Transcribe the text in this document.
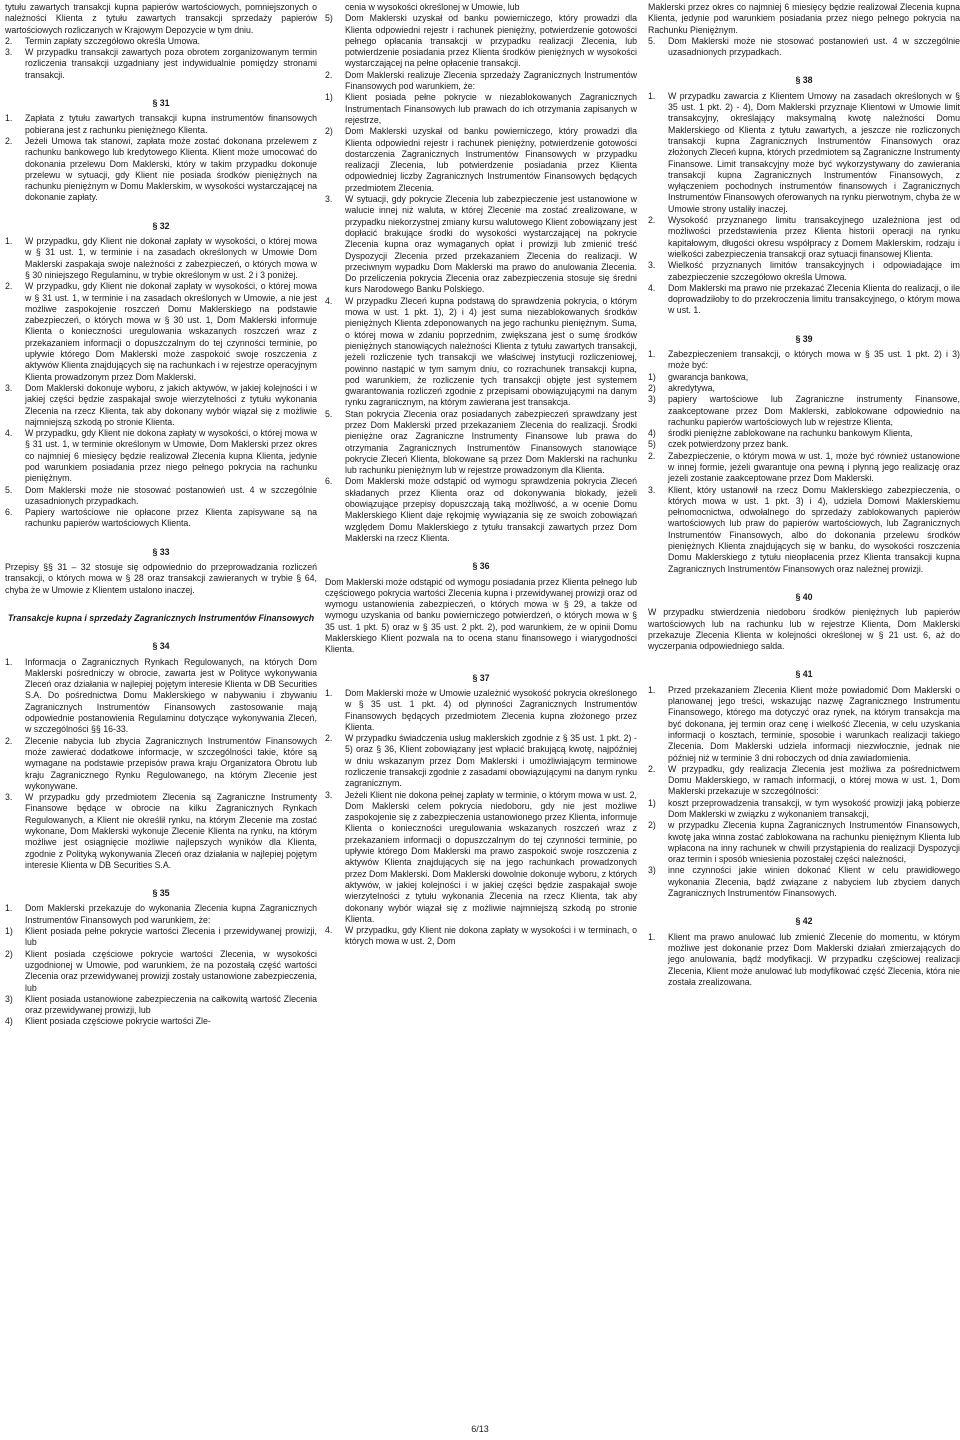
tytułu zawartych transakcji kupna papierów wartościowych, pomniejszonych o należności Klienta z tytułu zawartych transakcji sprzedaży papierów wartościowych rozliczanych w Krajowym Depozycie w tym dniu.
2. Termin zapłaty szczegółowo określa Umowa.
3. W przypadku transakcji zawartych poza obrotem zorganizowanym termin rozliczenia transakcji uzgadniany jest indywidualnie pomiędzy stronami transakcji.
§ 31
1. Zapłata z tytułu zawartych transakcji kupna instrumentów finansowych pobierana jest z rachunku pieniężnego Klienta.
2. Jeżeli Umowa tak stanowi, zapłata może zostać dokonana przelewem z rachunku bankowego lub kredytowego Klienta. Klient może umocować do dokonania przelewu Dom Maklerski, który w takim przypadku dokonuje przelewu w sytuacji, gdy Klient nie posiada środków pieniężnych na rachunku pieniężnym w Domu Maklerskim, w wysokości wystarczającej na dokonanie zapłaty.
§ 32
1. W przypadku, gdy Klient nie dokonał zapłaty w wysokości, o której mowa w § 31 ust. 1, w terminie i na zasadach określonych w Umowie Dom Maklerski zaspakaja swoje należności z zabezpieczeń, o których mowa w § 30 niniejszego Regulaminu, w trybie określonym w ust. 2 i 3 poniżej.
2. W przypadku, gdy Klient nie dokonał zapłaty w wysokości, o której mowa w § 31 ust. 1, w terminie i na zasadach określonych w Umowie, a nie jest możliwe zaspokojenie roszczeń Domu Maklerskiego na podstawie zabezpieczeń, o których mowa w § 30 ust. 1, Dom Maklerski informuje Klienta o konieczności uregulowania wskazanych roszczeń wraz z przekazaniem informacji o dopuszczalnym do tej czynności terminie, po upływie którego Dom Maklerski może zaspokoić swoje roszczenia z aktywów Klienta znajdujących się na rachunkach i w rejestrze operacyjnym Klienta prowadzonym przez Dom Maklerski.
3. Dom Maklerski dokonuje wyboru, z jakich aktywów, w jakiej kolejności i w jakiej części będzie zaspakajał swoje wierzytelności z tytułu wykonania Zlecenia na rzecz Klienta, tak aby dokonany wybór wiązał się z możliwie najmniejszą szkodą po stronie Klienta.
4. W przypadku, gdy Klient nie dokona zapłaty w wysokości, o której mowa w § 31 ust. 1, w terminie określonym w Umowie, Dom Maklerski przez okres co najmniej 6 miesięcy będzie realizował Zlecenia kupna Klienta, jedynie pod warunkiem posiadania przez niego pełnego pokrycia na rachunku pieniężnym.
5. Dom Maklerski może nie stosować postanowień ust. 4 w szczególnie uzasadnionych przypadkach.
6. Papiery wartościowe nie opłacone przez Klienta zapisywane są na rachunku papierów wartościowych Klienta.
§ 33
Przepisy §§ 31 – 32 stosuje się odpowiednio do przeprowadzania rozliczeń transakcji, o których mowa w § 28 oraz transakcji zawieranych w trybie § 64, chyba że w Umowie z Klientem ustalono inaczej.
Transakcje kupna i sprzedaży Zagranicznych Instrumentów Finansowych
§ 34
1. Informacja o Zagranicznych Rynkach Regulowanych, na których Dom Maklerski pośredniczy w obrocie, zawarta jest w Polityce wykonywania Zleceń oraz działania w najlepiej pojętym interesie Klienta w DB Securities S.A. Do pośrednictwa Domu Maklerskiego w nabywaniu i zbywaniu Zagranicznych Instrumentów Finansowych zastosowanie mają odpowiednie postanowienia Regulaminu dotyczące wykonywania Zleceń, w szczególności §§ 16-33.
2. Zlecenie nabycia lub zbycia Zagranicznych Instrumentów Finansowych może zawierać dodatkowe informacje, w szczególności takie, które są wymagane na podstawie przepisów prawa kraju Organizatora Obrotu lub kraju Zagranicznego Rynku Regulowanego, na którym Zlecenie jest wykonywane.
3. W przypadku gdy przedmiotem Zlecenia są Zagraniczne Instrumenty Finansowe będące w obrocie na kilku Zagranicznych Rynkach Regulowanych, a Klient nie określił rynku, na którym Zlecenie ma zostać wykonane, Dom Maklerski wykonuje Zlecenie Klienta na rynku, na którym możliwe jest osiągnięcie możliwie najlepszych wyników dla Klienta, zgodnie z Polityką wykonywania Zleceń oraz działania w najlepiej pojętym interesie Klienta w DB Securities S.A.
§ 35
1. Dom Maklerski przekazuje do wykonania Zlecenia kupna Zagranicznych Instrumentów Finansowych pod warunkiem, że:
1) Klient posiada pełne pokrycie wartości Zlecenia i przewidywanej prowizji, lub
2) Klient posiada częściowe pokrycie wartości Zlecenia, w wysokości uzgodnionej w Umowie, pod warunkiem, że na pozostałą część wartości Zlecenia oraz przewidywanej prowizji zostały ustanowione zabezpieczenia, lub
3) Klient posiada ustanowione zabezpieczenia na całkowitą wartość Zlecenia oraz przewidywanej prowizji, lub
4) Klient posiada częściowe pokrycie wartości Zle-
cenia w wysokości określonej w Umowie, lub
5) Dom Maklerski uzyskał od banku powierniczego, który prowadzi dla Klienta odpowiedni rejestr i rachunek pieniężny, potwierdzenie gotowości pełnego opłacania transakcji w przypadku realizacji Zlecenia, lub potwierdzenie posiadania przez Klienta środków pieniężnych w wysokości wystarczającej na pełne opłacenie transakcji.
2. Dom Maklerski realizuje Zlecenia sprzedaży Zagranicznych Instrumentów Finansowych pod warunkiem, że:
1) Klient posiada pełne pokrycie w niezablokowanych Zagranicznych Instrumentach Finansowych lub prawach do ich otrzymania zapisanych w rejestrze,
2) Dom Maklerski uzyskał od banku powierniczego, który prowadzi dla Klienta odpowiedni rejestr i rachunek pieniężny, potwierdzenie gotowości dostarczenia Zagranicznych Instrumentów Finansowych w przypadku realizacji Zlecenia, lub potwierdzenie posiadania przez Klienta odpowiedniej liczby Zagranicznych Instrumentów Finansowych będących przedmiotem Zlecenia.
3. W sytuacji, gdy pokrycie Zlecenia lub zabezpieczenie jest ustanowione w walucie innej niż waluta, w której Zlecenie ma zostać zrealizowane, w przypadku niekorzystnej zmiany kursu walutowego Klient zobowiązany jest dopłacić brakujące środki do wysokości wystarczającej na pokrycie Zlecenia kupna oraz wymaganych opłat i prowizji lub zmienić treść Dyspozycji Zlecenia przed przekazaniem Zlecenia do realizacji. W przeciwnym wypadku Dom Maklerski ma prawo do anulowania Zlecenia. Do przeliczenia pokrycia Zlecenia oraz zabezpieczenia stosuje się średni kurs Narodowego Banku Polskiego.
4. W przypadku Zleceń kupna podstawą do sprawdzenia pokrycia, o którym mowa w ust. 1 pkt. 1), 2) i 4) jest suma niezablokowanych środków pieniężnych Klienta zdeponowanych na jego rachunku pieniężnym. Suma, o której mowa w zdaniu poprzednim, zwiększana jest o sumę środków pieniężnych stanowiących należności Klienta z tytułu zawartych transakcji, jeżeli rozliczenie tych transakcji we właściwej instytucji rozliczeniowej, powinno nastąpić w tym samym dniu, co rozrachunek transakcji kupna, pod warunkiem, że rozliczenie tych transakcji objęte jest systemem gwarantowania rozliczeń zgodnie z przepisami obowiązującymi na danym rynku zagranicznym, na którym zawierana jest transakcja.
5. Stan pokrycia Zlecenia oraz posiadanych zabezpieczeń sprawdzany jest przez Dom Maklerski przed przekazaniem Zlecenia do realizacji. Środki pieniężne oraz Zagraniczne Instrumenty Finansowe lub prawa do otrzymania Zagranicznych Instrumentów Finansowych stanowiące pokrycie Zleceń Klienta, blokowane są przez Dom Maklerski na rachunku lub rachunku pieniężnym lub w rejestrze prowadzonym dla Klienta.
6. Dom Maklerski może odstąpić od wymogu sprawdzenia pokrycia Zleceń składanych przez Klienta oraz od dokonywania blokady, jeżeli obowiązujące przepisy dopuszczają taką możliwość, a w ocenie Domu Maklerskiego Klient daje rękojmię wywiązania się ze swoich zobowiązań względem Domu Maklerskiego z tytułu transakcji zawartych przez Dom Maklerski na rzecz Klienta.
§ 36
Dom Maklerski może odstąpić od wymogu posiadania przez Klienta pełnego lub częściowego pokrycia wartości Zlecenia kupna i przewidywanej prowizji oraz od wymogu ustanowienia zabezpieczeń, o których mowa w § 29, a także od wymogu uzyskania od banku powierniczego potwierdzeń, o których mowa w § 35 ust. 1 pkt. 5) oraz w § 35 ust. 2 pkt. 2), pod warunkiem, że w opinii Domu Maklerskiego Klient pozwala na to ocena stanu finansowego i wiarygodności Klienta.
§ 37
1. Dom Maklerski może w Umowie uzależnić wysokość pokrycia określonego w § 35 ust. 1 pkt. 4) od płynności Zagranicznych Instrumentów Finansowych będących przedmiotem Zlecenia kupna złożonego przez Klienta.
2. W przypadku świadczenia usług maklerskich zgodnie z § 35 ust. 1 pkt. 2) - 5) oraz § 36, Klient zobowiązany jest wpłacić brakującą kwotę, najpóźniej w dniu wskazanym przez Dom Maklerski i umożliwiającym terminowe rozliczenie transakcji zgodnie z zasadami obowiązującymi na danym rynku zagranicznym.
3. Jeżeli Klient nie dokona pełnej zapłaty w terminie, o którym mowa w ust. 2, Dom Maklerski celem pokrycia niedoboru, gdy nie jest możliwe zaspokojenie się z zabezpieczenia ustanowionego przez Klienta, informuje Klienta o konieczności uregulowania wskazanych roszczeń wraz z przekazaniem informacji o dopuszczalnym do tej czynności terminie, po upływie którego Dom Maklerski ma prawo zaspokoić swoje roszczenia z aktywów Klienta znajdujących się na jego rachunkach prowadzonych przez Dom Maklerski. Dom Maklerski dowolnie dokonuje wyboru, z których aktywów, w jakiej kolejności i w jakiej części będzie zaspakajał swoje wierzytelności z tytułu wykonania Zlecenia na rzecz Klienta, tak aby dokonany wybór wiązał się z możliwie najmniejszą szkodą po stronie Klienta.
4. W przypadku, gdy Klient nie dokona zapłaty w wysokości i w terminach, o których mowa w ust. 2, Dom
Maklerski przez okres co najmniej 6 miesięcy będzie realizował Zlecenia kupna Klienta, jedynie pod warunkiem posiadania przez niego pełnego pokrycia na Rachunku Pieniężnym.
5. Dom Maklerski może nie stosować postanowień ust. 4 w szczególnie uzasadnionych przypadkach.
§ 38
1. W przypadku zawarcia z Klientem Umowy na zasadach określonych w § 35 ust. 1 pkt. 2) - 4), Dom Maklerski przyznaje Klientowi w Umowie limit transakcyjny, określający maksymalną kwotę należności Domu Maklerskiego od Klienta z tytułu zawartych, a jeszcze nie rozliczonych transakcji kupna Zagranicznych Instrumentów Finansowych oraz złożonych Zleceń kupna, których przedmiotem są Zagraniczne Instrumenty Finansowe. Limit transakcyjny może być wykorzystywany do zawierania transakcji kupna Zagranicznych Instrumentów Finansowych, z wyłączeniem pochodnych instrumentów finansowych i Zagranicznych Instrumentów Finansowych oferowanych na rynku pierwotnym, chyba że w Umowie strony ustaliły inaczej.
2. Wysokość przyznanego limitu transakcyjnego uzależniona jest od możliwości przedstawienia przez Klienta historii operacji na rynku kapitałowym, długości okresu współpracy z Domem Maklerskim, rodzaju i wielkości zabezpieczenia transakcji oraz sytuacji finansowej Klienta.
3. Wielkość przyznanych limitów transakcyjnych i odpowiadające im zabezpieczenie szczegółowo określa Umowa.
4. Dom Maklerski ma prawo nie przekazać Zlecenia Klienta do realizacji, o ile doprowadziłoby to do przekroczenia limitu transakcyjnego, o którym mowa w ust. 1.
§ 39
1. Zabezpieczeniem transakcji, o których mowa w § 35 ust. 1 pkt. 2) i 3) może być:
1) gwarancja bankowa,
2) akredytywa,
3) papiery wartościowe lub Zagraniczne instrumenty Finansowe, zaakceptowane przez Dom Maklerski, zablokowane odpowiednio na rachunku papierów wartościowych lub w rejestrze Klienta,
4) środki pieniężne zablokowane na rachunku bankowym Klienta,
5) czek potwierdzony przez bank.
2. Zabezpieczenie, o którym mowa w ust. 1, może być również ustanowione w innej formie, jeżeli gwarantuje ona pewną i płynną jego realizację oraz jeżeli zostanie zaakceptowane przez Dom Maklerski.
3. Klient, który ustanowił na rzecz Domu Maklerskiego zabezpieczenia, o których mowa w ust. 1 pkt. 3) i 4), udziela Domowi Maklerskiemu pełnomocnictwa, odwołalnego do sprzedaży zablokowanych papierów wartościowych lub praw do papierów wartościowych, lub Zagranicznych Instrumentów Finansowych, albo do dokonania przelewu środków pieniężnych Klienta znajdujących się w banku, do wysokości roszczenia Domu Maklerskiego z tytułu nieopłacenia przez Klienta transakcji kupna Zagranicznych Instrumentów Finansowych oraz należnej prowizji.
§ 40
W przypadku stwierdzenia niedoboru środków pieniężnych lub papierów wartościowych lub na rachunku lub w rejestrze Klienta, Dom Maklerski przekazuje Zlecenia Klienta w kolejności określonej w § 21 ust. 6, aż do wyczerpania odpowiedniego salda.
§ 41
1. Przed przekazaniem Zlecenia Klient może powiadomić Dom Maklerski o planowanej jego treści, wskazując nazwę Zagranicznego Instrumentu Finansowego, którego ma dotyczyć oraz rynek, na którym transakcja ma być dokonana, jej termin oraz cenę i wielkość Zlecenia, w celu uzyskania informacji o kosztach, terminie, sposobie i warunkach realizacji takiego Zlecenia. Dom Maklerski udziela informacji niezwłocznie, jednak nie później niż w terminie 3 dni roboczych od dnia zawiadomienia.
2. W przypadku, gdy realizacja Zlecenia jest możliwa za pośrednictwem Domu Maklerskiego, w ramach informacji, o której mowa w ust. 1, Dom Maklerski przekazuje w szczególności:
1) koszt przeprowadzenia transakcji, w tym wysokość prowizji jaką pobierze Dom Maklerski w związku z wykonaniem transakcji,
2) w przypadku Zlecenia kupna Zagranicznych Instrumentów Finansowych, kwotę jaka winna zostać zablokowana na rachunku pieniężnym Klienta lub wpłacona na inny rachunek w chwili przystąpienia do realizacji Dyspozycji oraz termin i sposób wniesienia pozostałej części należności,
3) inne czynności jakie winien dokonać Klient w celu prawidłowego wykonania Zlecenia, bądź związane z nabyciem lub zbyciem danych Zagranicznych Instrumentów Finansowych.
§ 42
1. Klient ma prawo anulować lub zmienić Zlecenie do momentu, w którym możliwe jest dokonanie przez Dom Maklerski działań zmierzających do jego anulowania, bądź modyfikacji. W przypadku częściowej realizacji Zlecenia, Klient może anulować lub modyfikować część Zlecenia, która nie została zrealizowana.
6/13
